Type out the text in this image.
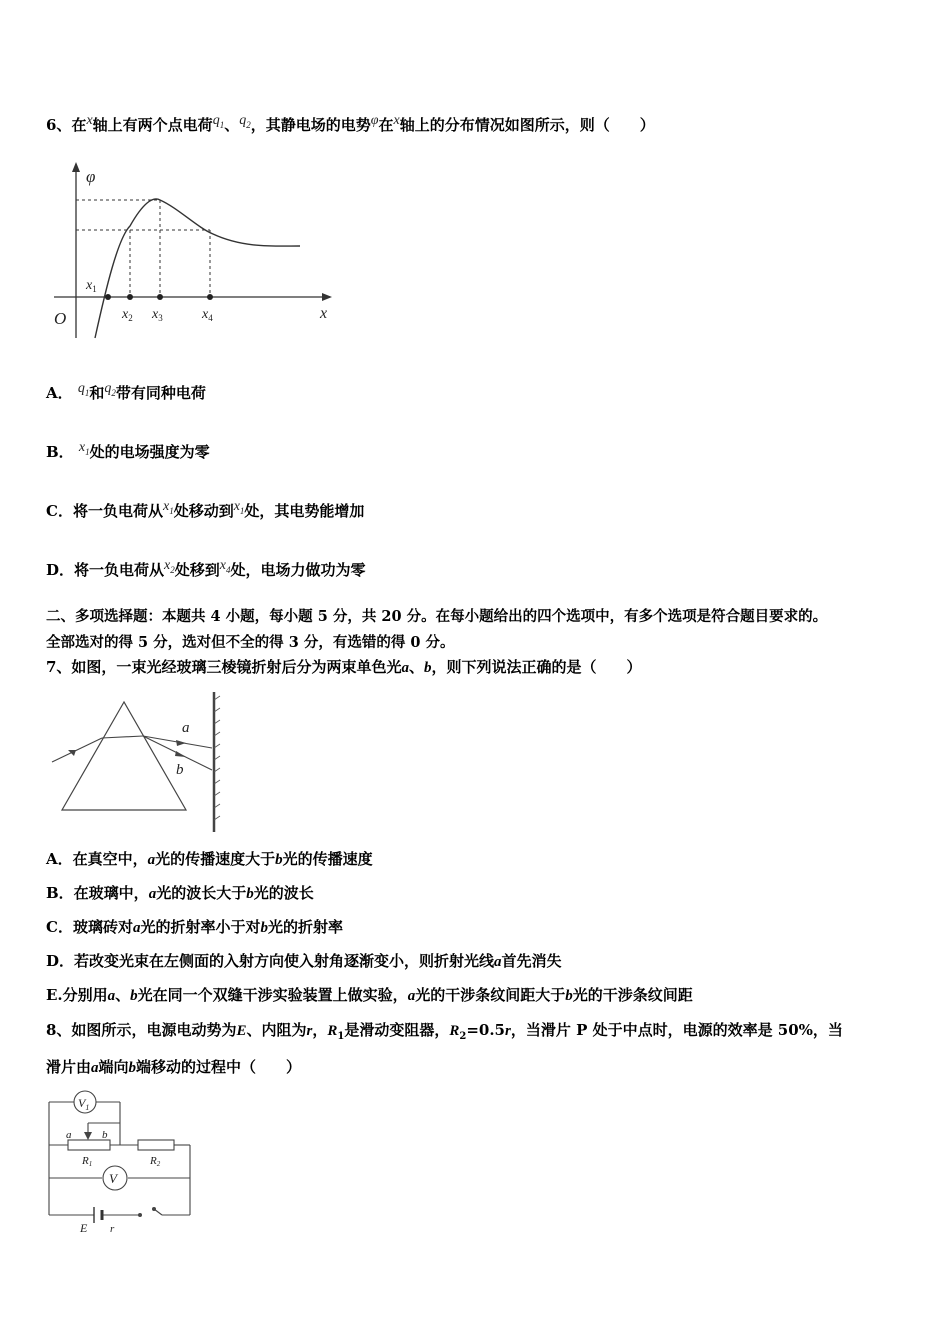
6、在x轴上有两个点电荷$q_1$、$q_2$，其静电场的电势φ在x轴上的分布情况如图所示，则（　　）
φ
x
O
$x_1$
$x_2$ $x_3$	$x_4$
A． $q_1$和$q_2$带有同种电荷
B． $x_1$处的电场强度为零
C．将一负电荷从$x_1$处移动到$x_1$处，其电势能增加
D．将一负电荷从$x_2$处移到$x_4$处，电场力做功为零
二、多项选择题：本题共 4 小题，每小题 5 分，共 20 分。在每小题给出的四个选项中，有多个选项是符合题目要求的。
全部选对的得 5 分，选对但不全的得 3 分，有选错的得 0 分。
7、如图，一束光经玻璃三棱镜折射后分为两束单色光a、b，则下列说法正确的是（　　）
a
b
A．在真空中，a光的传播速度大于b光的传播速度
B．在玻璃中，a光的波长大于b光的波长
C．玻璃砖对a光的折射率小于对b光的折射率
D．若改变光束在左侧面的入射方向使入射角逐渐变小，则折射光线a首先消失
E.分别用a、b光在同一个双缝干涉实验装置上做实验，a光的干涉条纹间距大于b光的干涉条纹间距
8、如图所示，电源电动势为E、内阻为r，$R_1$是滑动变阻器，$R_2=0.5r$，当滑片 P 处于中点时，电源的效率是 50%，当
滑片由a端向b端移动的过程中（　　）
$V_1$
V
a	b
R1	R2
E r
